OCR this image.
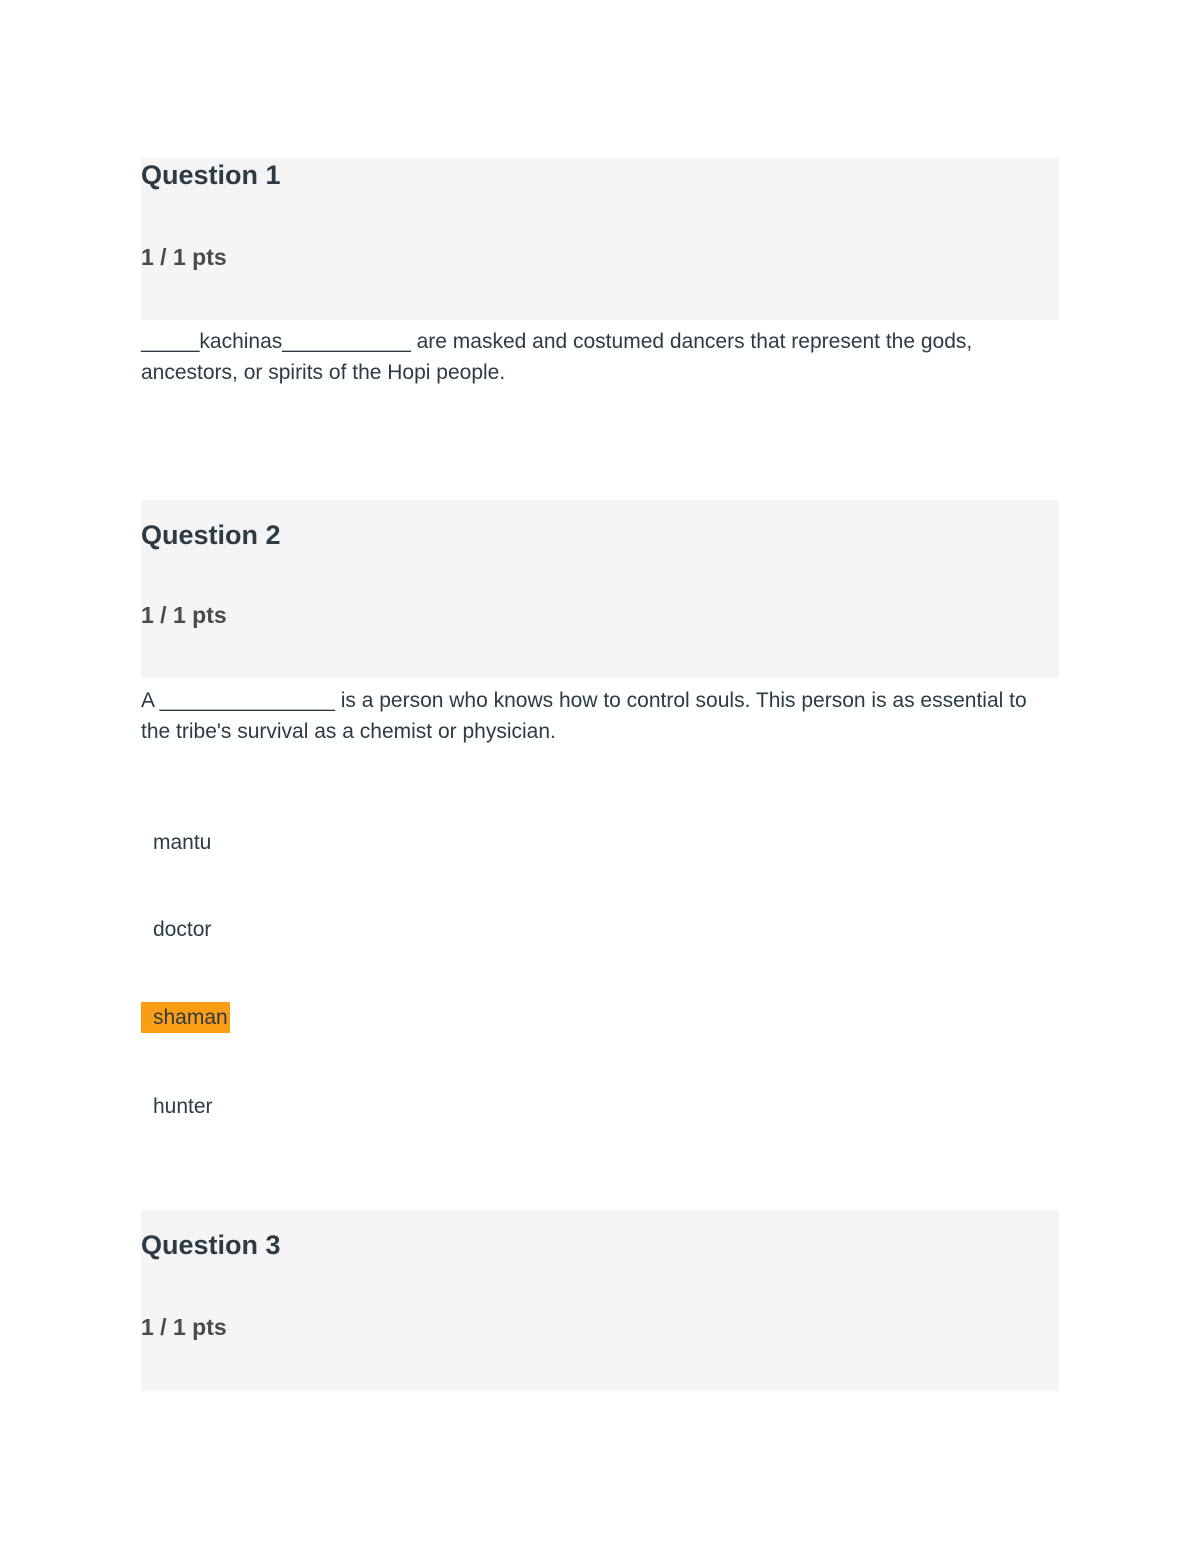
Question 1
1 / 1 pts
_____kachinas___________ are masked and costumed dancers that represent the gods, ancestors, or spirits of the Hopi people.
Question 2
1 / 1 pts
A _______________ is a person who knows how to control souls. This person is as essential to the tribe's survival as a chemist or physician.
mantu
doctor
shaman
hunter
Question 3
1 / 1 pts
